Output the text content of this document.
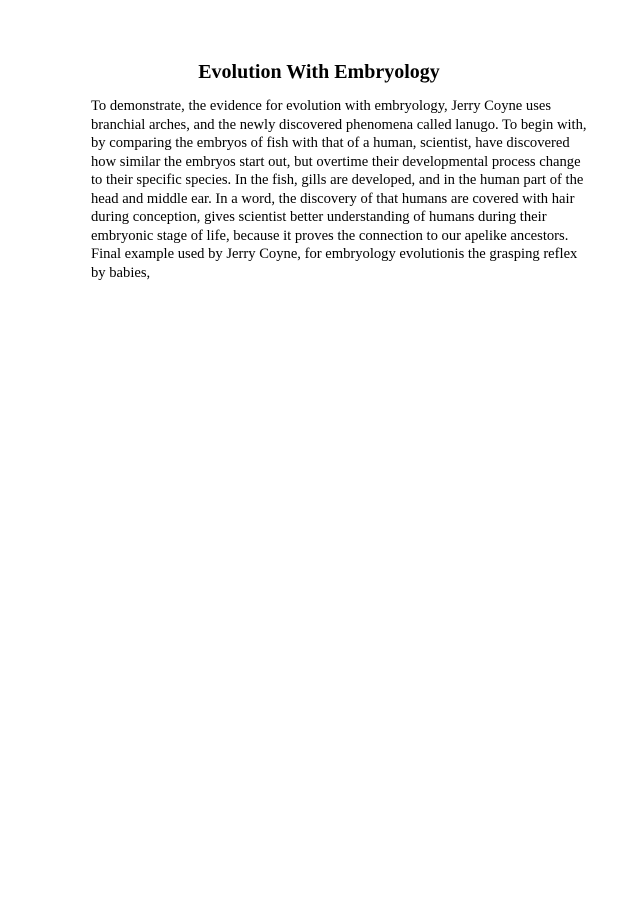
Evolution With Embryology

To demonstrate, the evidence for evolution with embryology, Jerry Coyne uses
branchial arches, and the newly discovered phenomena called lanugo. To begin with,
by comparing the embryos of fish with that of a human, scientist, have discovered
how similar the embryos start out, but overtime their developmental process change
to their specific species. In the fish, gills are developed, and in the human part of the
head and middle ear. In a word, the discovery of that humans are covered with hair
during conception, gives scientist better understanding of humans during their
embryonic stage of life, because it proves the connection to our apelike ancestors.
Final example used by Jerry Coyne, for embryology evolutionis the grasping reflex
by babies,
